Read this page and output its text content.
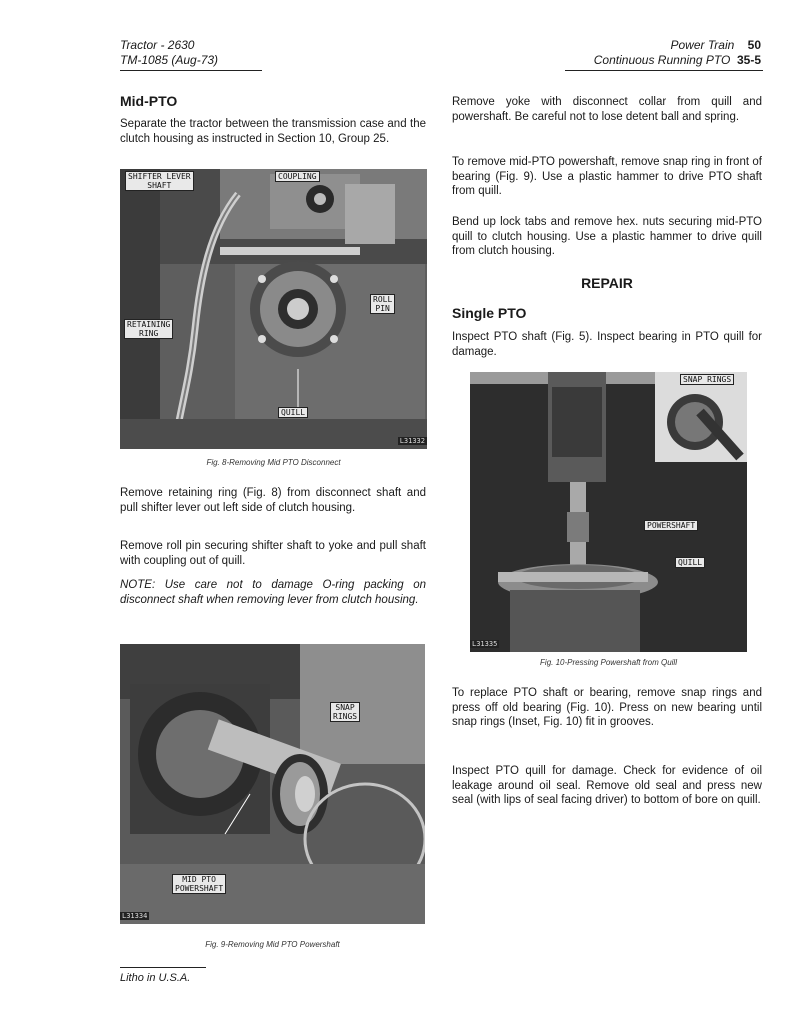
Tractor - 2630
TM-1085 (Aug-73)
Power Train 50
Continuous Running PTO 35-5
Mid-PTO

Separate the tractor between the transmission case and the clutch housing as instructed in Section 10, Group 25.

SHIFTER LEVER
SHAFT
COUPLING
ROLL
PIN
RETAINING
RING
QUILL
L31332
Fig. 8-Removing Mid PTO Disconnect

Remove retaining ring (Fig. 8) from disconnect shaft and pull shifter lever out left side of clutch housing.

Remove roll pin securing shifter shaft to yoke and pull shaft with coupling out of quill.

NOTE: Use care not to damage O-ring packing on disconnect shaft when removing lever from clutch housing.

SNAP
RINGS
MID PTO
POWERSHAFT
L31334
Fig. 9-Removing Mid PTO Powershaft
Litho in U.S.A.

Remove yoke with disconnect collar from quill and powershaft. Be careful not to lose detent ball and spring.

To remove mid-PTO powershaft, remove snap ring in front of bearing (Fig. 9). Use a plastic hammer to drive PTO shaft from quill.

Bend up lock tabs and remove hex. nuts securing mid-PTO quill to clutch housing. Use a plastic hammer to drive quill from clutch housing.

REPAIR
Single PTO

Inspect PTO shaft (Fig. 5). Inspect bearing in PTO quill for damage.

SNAP RINGS
POWERSHAFT
QUILL
L31335
Fig. 10-Pressing Powershaft from Quill

To replace PTO shaft or bearing, remove snap rings and press off old bearing (Fig. 10). Press on new bearing until snap rings (Inset, Fig. 10) fit in grooves.

Inspect PTO quill for damage. Check for evidence of oil leakage around oil seal. Remove old seal and press new seal (with lips of seal facing driver) to bottom of bore on quill.
